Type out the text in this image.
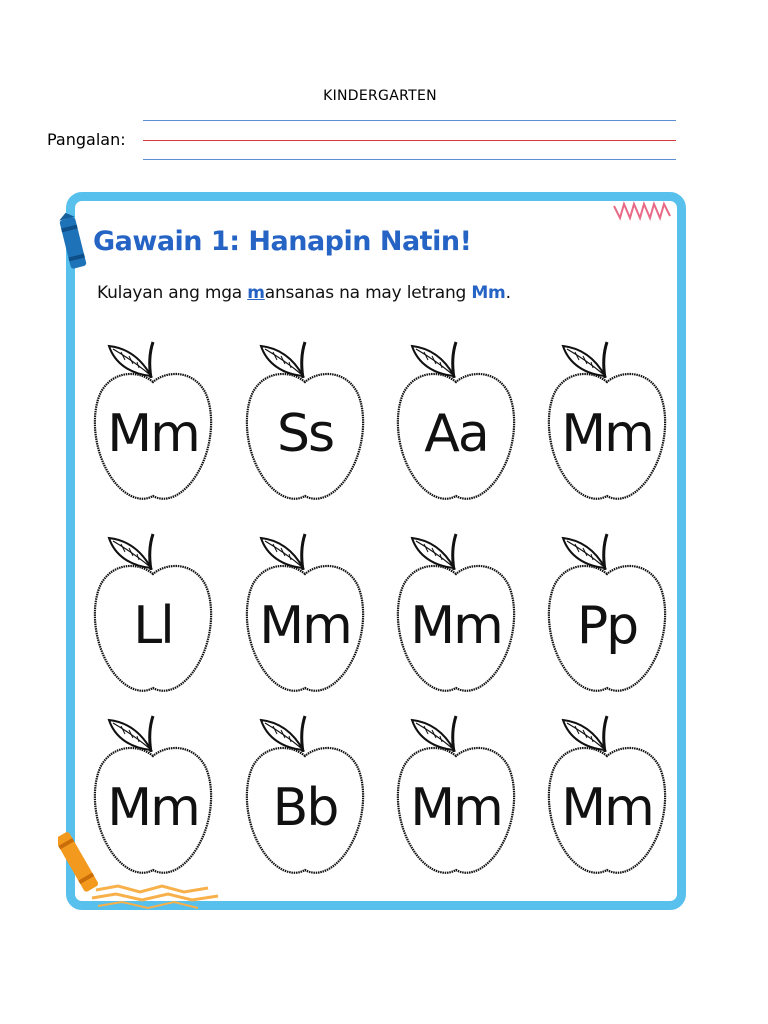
KINDERGARTEN
Pangalan:
Gawain 1: Hanapin Natin!
Kulayan ang mga mansanas na may letrang Mm.
Mm	Ss	Aa	Mm
Ll	Mm	Mm	Pp
Mm	Bb	Mm	Mm
